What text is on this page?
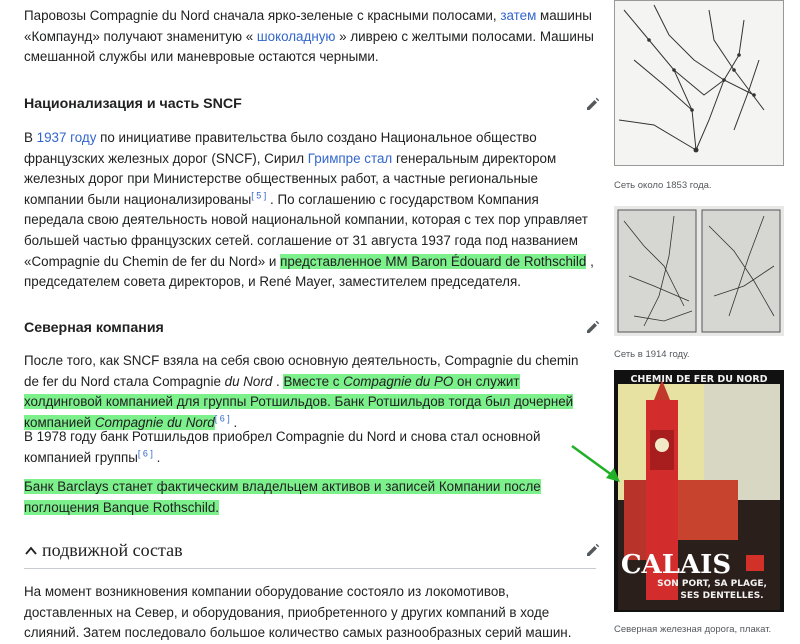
Паровозы Compagnie du Nord сначала ярко-зеленые с красными полосами, затем машины «Компаунд» получают знаменитую « шоколадную » ливрею с желтыми полосами. Машины смешанной службы или маневровые остаются черными.

Национализация и часть SNCF

В 1937 году по инициативе правительства было создано Национальное общество французских железных дорог (SNCF), Сирил Гримпре стал генеральным директором железных дорог при Министерстве общественных работ, а частные региональные компании были национализированы[ 5 ] . По соглашению с государством Компания передала свою деятельность новой национальной компании, которая с тех пор управляет большей частью французских сетей. соглашение от 31 августа 1937 года под названием «Compagnie du Chemin de fer du Nord» и представленное ММ Baron Édouard de Rothschild , председателем совета директоров, и René Mayer, заместителем председателя.

Северная компания

После того, как SNCF взяла на себя свою основную деятельность, Compagnie du chemin de fer du Nord стала Compagnie du Nord . Вместе с Compagnie du PO он служит холдинговой компанией для группы Ротшильдов. Банк Ротшильдов тогда был дочерней компанией Compagnie du Nord[ 6 ] .

В 1978 году банк Ротшильдов приобрел Compagnie du Nord и снова стал основной компанией группы[ 6 ] .

Банк Barclays станет фактическим владельцем активов и записей Компании после поглощения Banque Rothschild.

подвижной состав

На момент возникновения компании оборудование состояло из локомотивов, доставленных на Север, и оборудования, приобретенного у других компаний в ходе слияний. Затем последовало большое количество самых разнообразных серий машин.

Сеть около 1853 года.
Сеть в 1914 году.
CHEMIN DE FER DU NORD
CALAIS
SON PORT, SA PLAGE,
SES DENTELLES.
Северная железная дорога, плакат.
